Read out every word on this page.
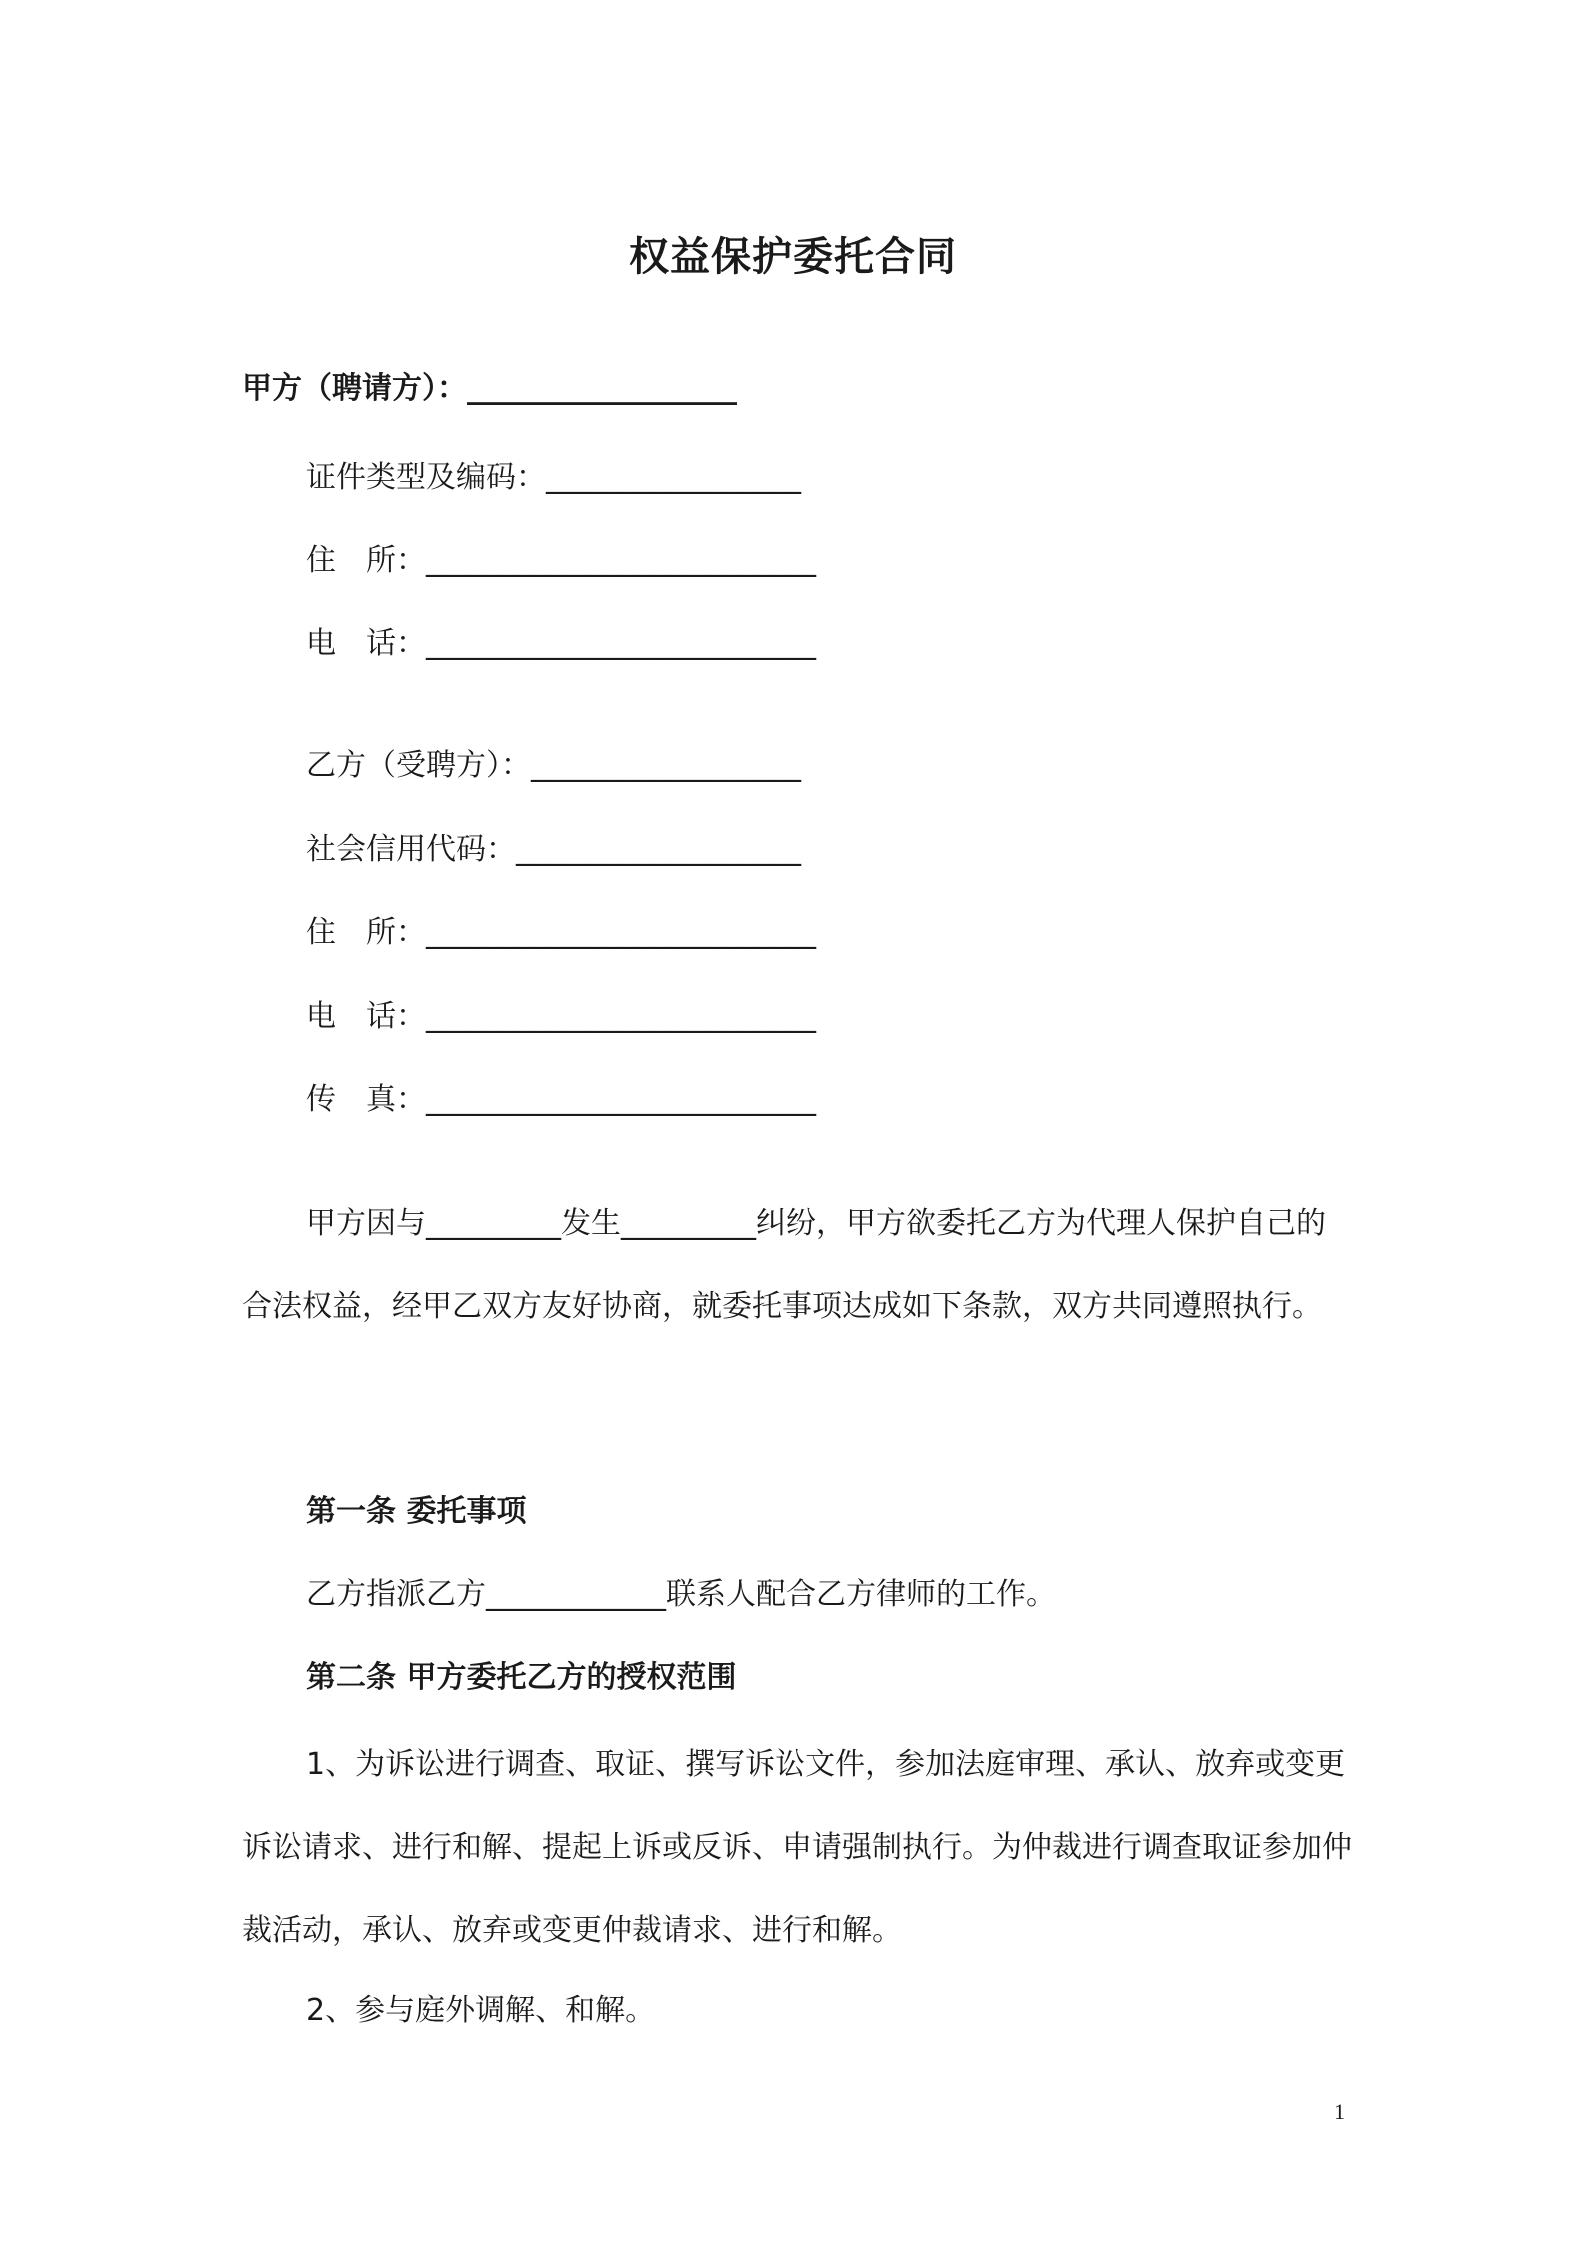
权益保护委托合同
甲方（聘请方）：__________________
证件类型及编码：_________________
住　所：__________________________
电　话：__________________________
乙方（受聘方）：__________________
社会信用代码：___________________
住　所：__________________________
电　话：__________________________
传　真：__________________________
甲方因与_________发生_________纠纷，甲方欲委托乙方为代理人保护自己的合法权益，经甲乙双方友好协商，就委托事项达成如下条款，双方共同遵照执行。
第一条 委托事项
乙方指派乙方____________联系人配合乙方律师的工作。
第二条 甲方委托乙方的授权范围
1、为诉讼进行调查、取证、撰写诉讼文件，参加法庭审理、承认、放弃或变更诉讼请求、进行和解、提起上诉或反诉、申请强制执行。为仲裁进行调查取证参加仲裁活动，承认、放弃或变更仲裁请求、进行和解。
2、参与庭外调解、和解。
1
